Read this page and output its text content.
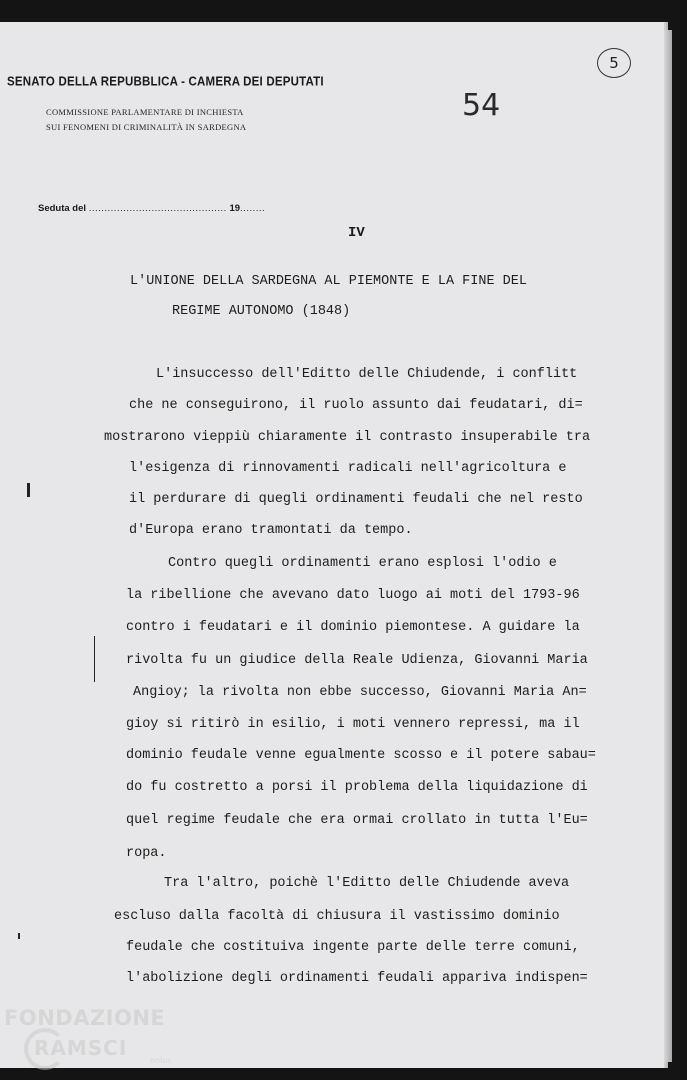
SENATO DELLA REPUBBLICA - CAMERA DEI DEPUTATI
COMMISSIONE PARLAMENTARE DI INCHIESTA
SUI FENOMENI DI CRIMINALITÀ IN SARDEGNA
54
5
Seduta del ............................................ 19........
IV
L'UNIONE DELLA SARDEGNA AL PIEMONTE E LA FINE DEL
REGIME AUTONOMO (1848)
L'insuccesso dell'Editto delle Chiudende, i conflitt
che ne conseguirono, il ruolo assunto dai feudatari, di=
mostrarono vieppiù chiaramente il contrasto insuperabile tra
l'esigenza di rinnovamenti radicali nell'agricoltura e
il perdurare di quegli ordinamenti feudali che nel resto
d'Europa erano tramontati da tempo.
Contro quegli ordinamenti erano esplosi l'odio e
la ribellione che avevano dato luogo ai moti del 1793-96
contro i feudatari e il dominio piemontese. A guidare la
rivolta fu un giudice della Reale Udienza, Giovanni Maria
Angioy; la rivolta non ebbe successo, Giovanni Maria An=
gioy si ritirò in esilio, i moti vennero repressi, ma il
dominio feudale venne egualmente scosso e il potere sabau=
do fu costretto a porsi il problema della liquidazione di
quel regime feudale che era ormai crollato in tutta l'Eu=
ropa.
Tra l'altro, poichè l'Editto delle Chiudende aveva
escluso dalla facoltà di chiusura il vastissimo dominio
feudale che costituiva ingente parte delle terre comuni,
l'abolizione degli ordinamenti feudali appariva indispen=
FONDAZIONE
RAMSCI
onlus
